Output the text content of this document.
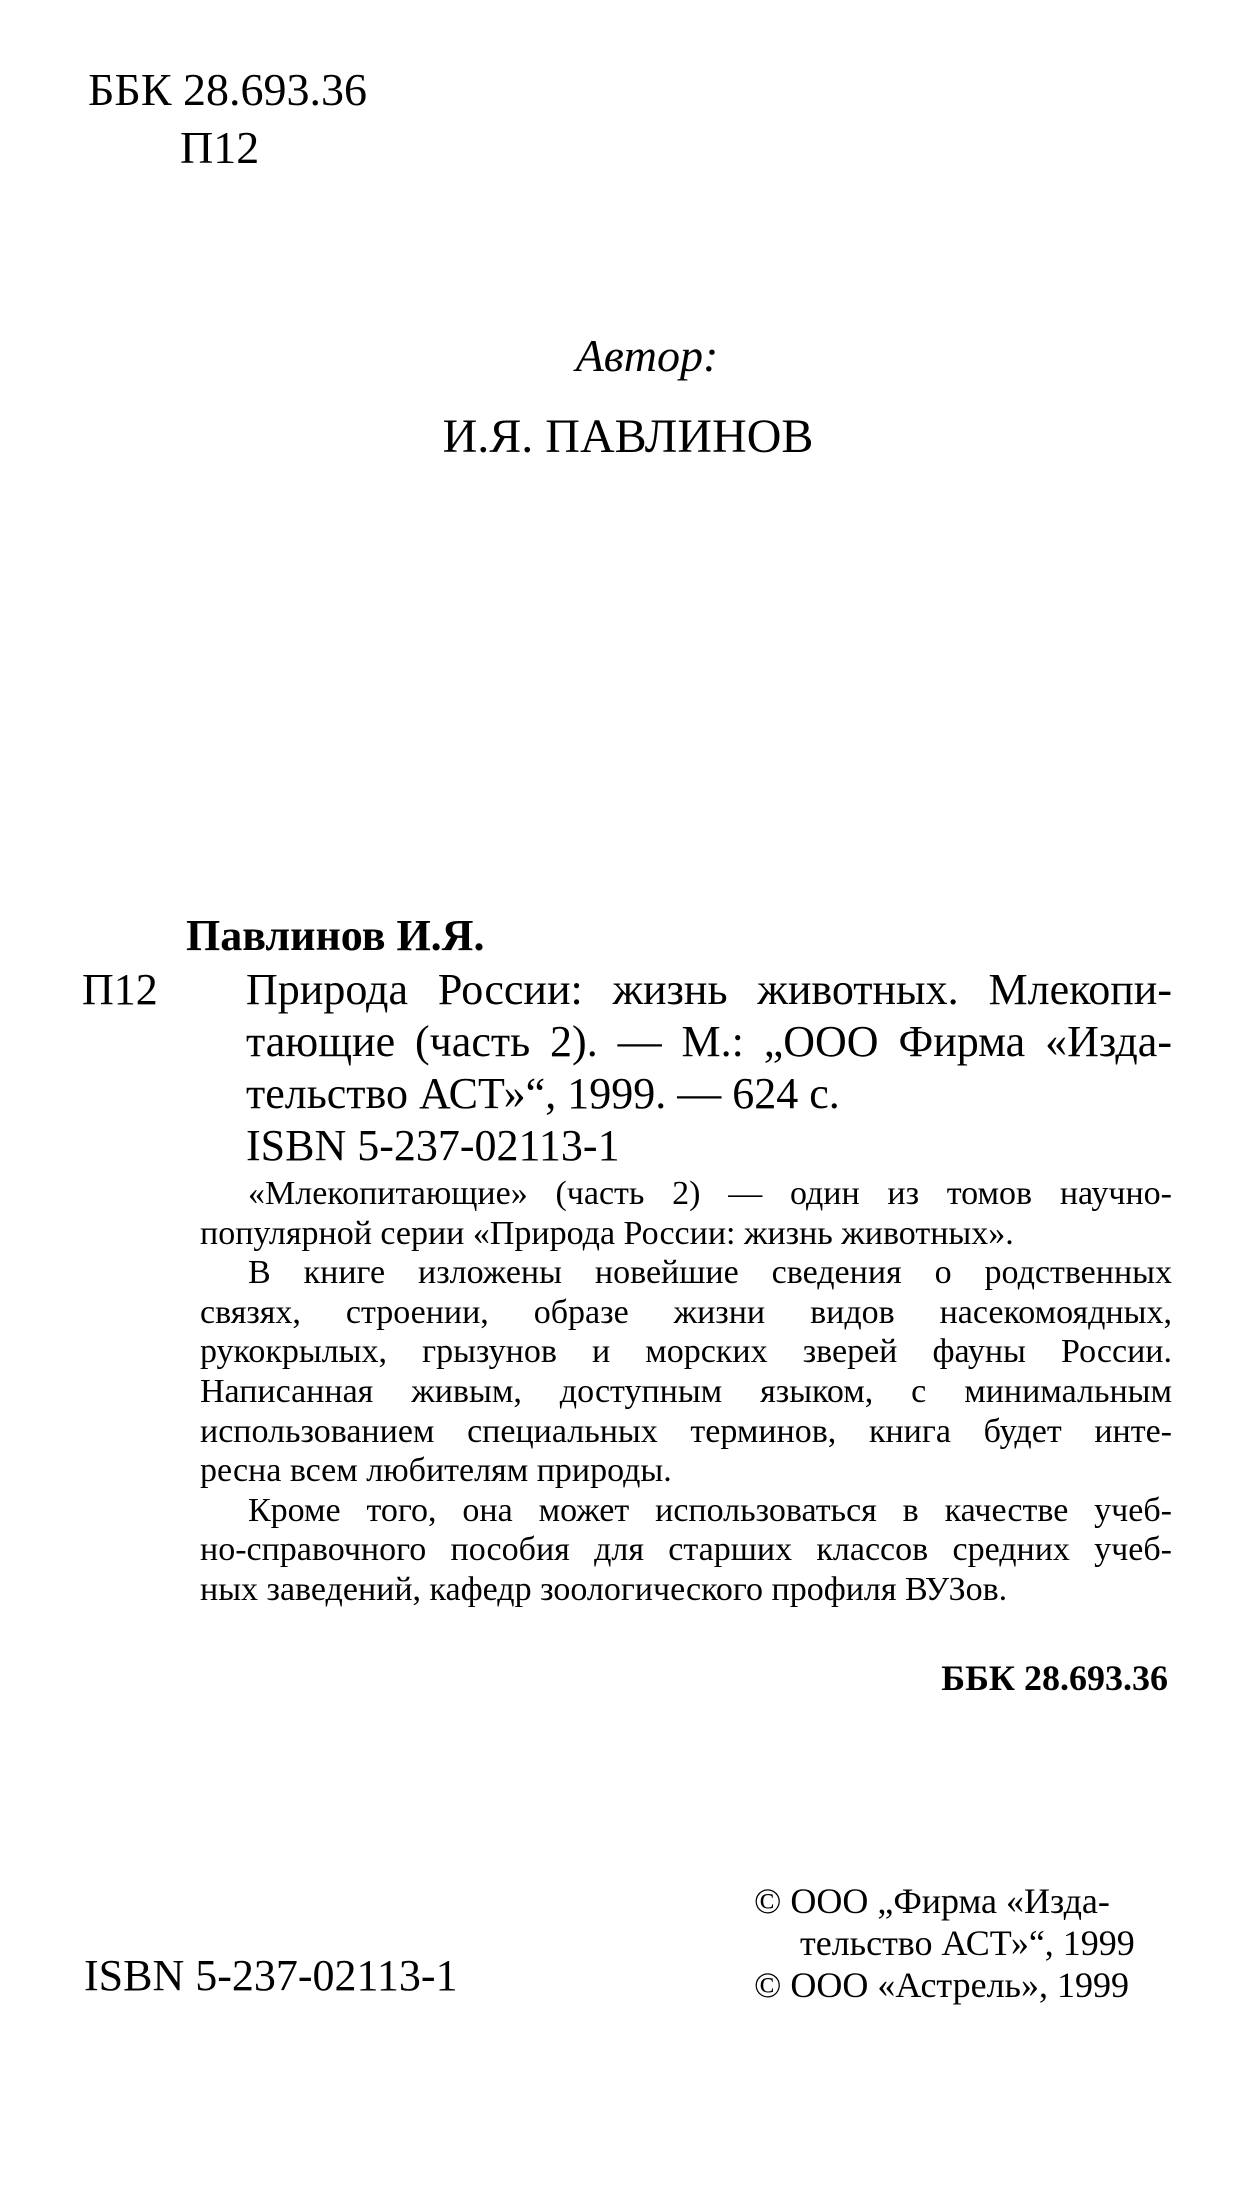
ББК 28.693.36
П12
Автор:
И.Я. ПАВЛИНОВ
Павлинов И.Я.
П12 Природа России: жизнь животных. Млекопи-
тающие (часть 2). — М.: „ООО Фирма «Изда-
тельство АСТ»“, 1999. — 624 с.
ISBN 5-237-02113-1
«Млекопитающие» (часть 2) — один из томов научно-
популярной серии «Природа России: жизнь животных».
В книге изложены новейшие сведения о родственных
связях, строении, образе жизни видов насекомоядных,
рукокрылых, грызунов и морских зверей фауны России.
Написанная живым, доступным языком, с минимальным
использованием специальных терминов, книга будет инте-
ресна всем любителям природы.
Кроме того, она может использоваться в качестве учеб-
но-справочного пособия для старших классов средних учеб-
ных заведений, кафедр зоологического профиля ВУЗов.
ББК 28.693.36
ISBN 5-237-02113-1
© ООО „Фирма «Изда-
тельство АСТ»“, 1999
© ООО «Астрель», 1999
